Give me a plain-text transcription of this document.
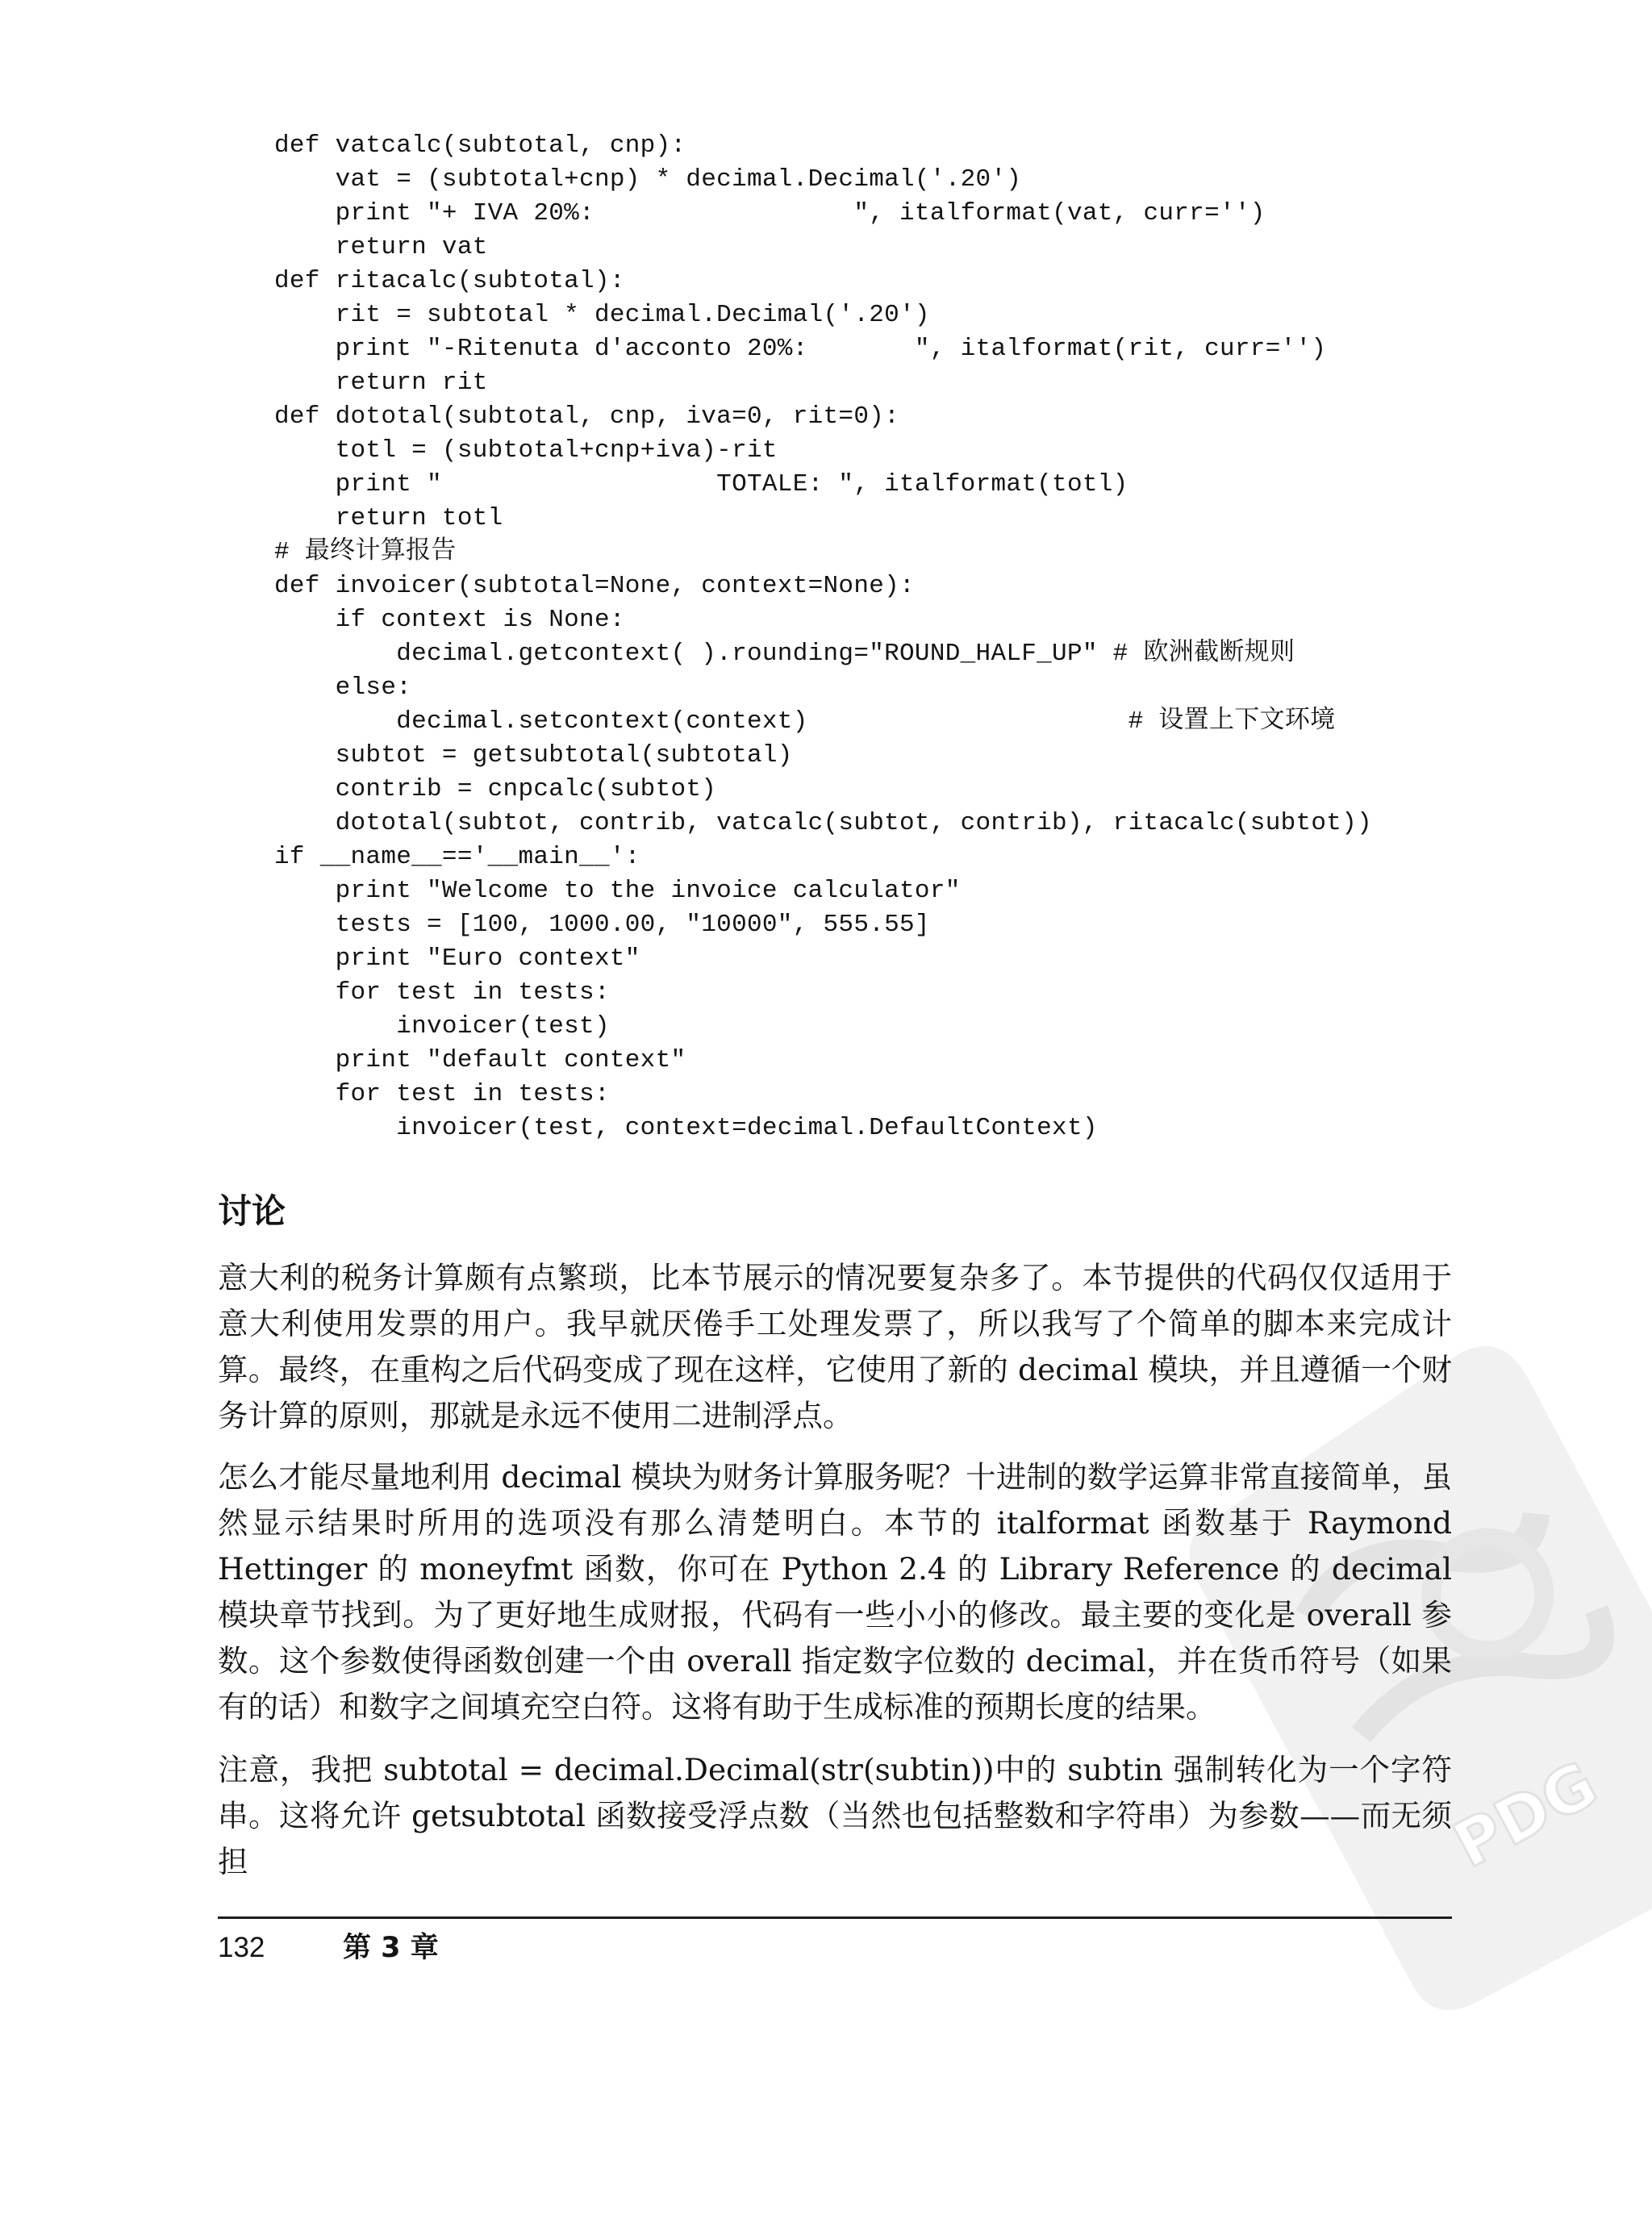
PDG
def vatcalc(subtotal, cnp):
vat = (subtotal+cnp) * decimal.Decimal('.20')
print "+ IVA 20%:                 ", italformat(vat, curr='')
return vat
def ritacalc(subtotal):
rit = subtotal * decimal.Decimal('.20')
print "-Ritenuta d'acconto 20%:       ", italformat(rit, curr='')
return rit
def dototal(subtotal, cnp, iva=0, rit=0):
totl = (subtotal+cnp+iva)-rit
print "                  TOTALE: ", italformat(totl)
return totl
# 最终计算报告
def invoicer(subtotal=None, context=None):
if context is None:
decimal.getcontext( ).rounding="ROUND_HALF_UP" # 欧洲截断规则
else:
decimal.setcontext(context)                     # 设置上下文环境
subtot = getsubtotal(subtotal)
contrib = cnpcalc(subtot)
dototal(subtot, contrib, vatcalc(subtot, contrib), ritacalc(subtot))
if __name__=='__main__':
print "Welcome to the invoice calculator"
tests = [100, 1000.00, "10000", 555.55]
print "Euro context"
for test in tests:
invoicer(test)
print "default context"
for test in tests:
invoicer(test, context=decimal.DefaultContext)
讨论

意大利的税务计算颇有点繁琐，比本节展示的情况要复杂多了。本节提供的代码仅仅适用于意大利使用发票的用户。我早就厌倦手工处理发票了，所以我写了个简单的脚本来完成计算。最终，在重构之后代码变成了现在这样，它使用了新的 decimal 模块，并且遵循一个财务计算的原则，那就是永远不使用二进制浮点。

怎么才能尽量地利用 decimal 模块为财务计算服务呢？十进制的数学运算非常直接简单，虽然显示结果时所用的选项没有那么清楚明白。本节的 italformat 函数基于 Raymond Hettinger 的 moneyfmt 函数，你可在 Python 2.4 的 Library Reference 的 decimal 模块章节找到。为了更好地生成财报，代码有一些小小的修改。最主要的变化是 overall 参数。这个参数使得函数创建一个由 overall 指定数字位数的 decimal，并在货币符号（如果有的话）和数字之间填充空白符。这将有助于生成标准的预期长度的结果。

注意，我把 subtotal = decimal.Decimal(str(subtin))中的 subtin 强制转化为一个字符串。这将允许 getsubtotal 函数接受浮点数（当然也包括整数和字符串）为参数——而无须担

132	第 3 章
